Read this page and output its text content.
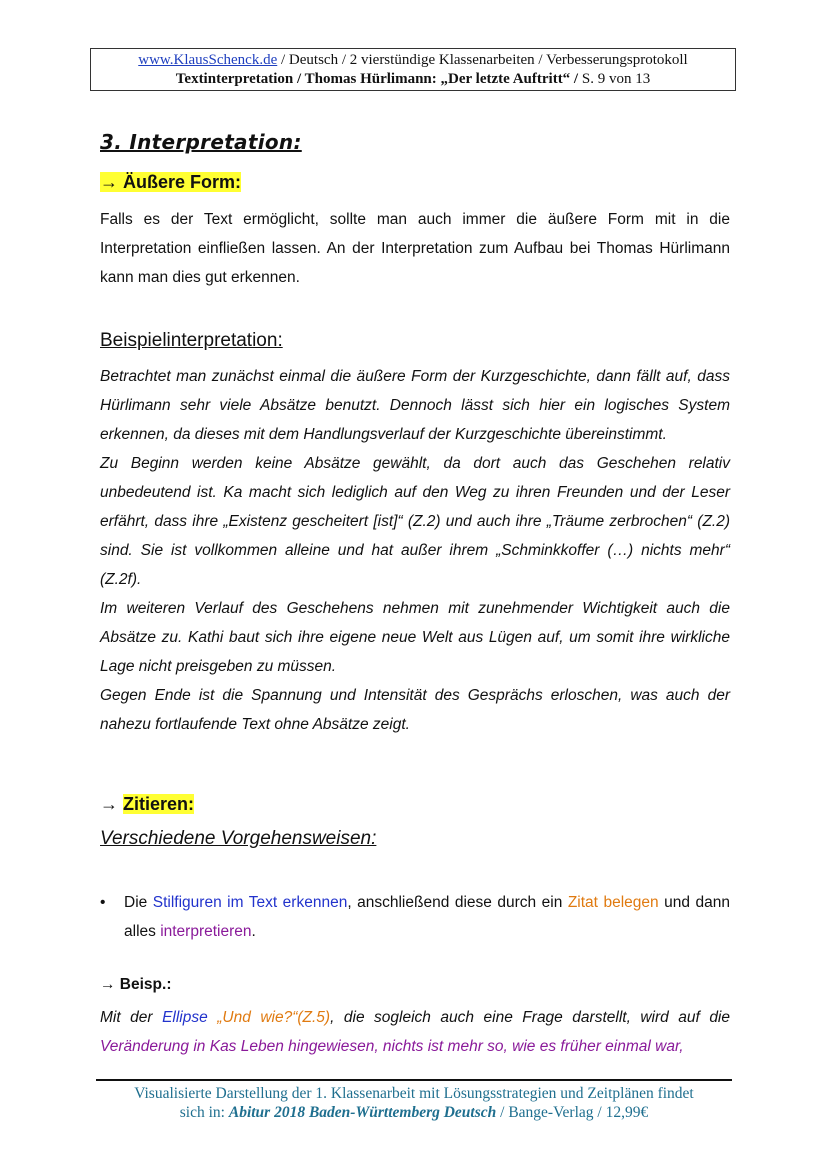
www.KlausSchenck.de / Deutsch / 2 vierstündige Klassenarbeiten / Verbesserungsprotokoll
Textinterpretation / Thomas Hürlimann: „Der letzte Auftritt“ / S. 9 von 13
3. Interpretation:
→ Äußere Form:

Falls es der Text ermöglicht, sollte man auch immer die äußere Form mit in die Interpretation einfließen lassen. An der Interpretation zum Aufbau bei Thomas Hürlimann kann man dies gut erkennen.

Beispielinterpretation:

Betrachtet man zunächst einmal die äußere Form der Kurzgeschichte, dann fällt auf, dass Hürlimann sehr viele Absätze benutzt. Dennoch lässt sich hier ein logisches System erkennen, da dieses mit dem Handlungsverlauf der Kurzgeschichte übereinstimmt.

Zu Beginn werden keine Absätze gewählt, da dort auch das Geschehen relativ unbedeutend ist. Ka macht sich lediglich auf den Weg zu ihren Freunden und der Leser erfährt, dass ihre „Existenz gescheitert [ist]“ (Z.2) und auch ihre „Träume zerbrochen“ (Z.2) sind. Sie ist vollkommen alleine und hat außer ihrem „Schminkkoffer (…) nichts mehr“ (Z.2f).

Im weiteren Verlauf des Geschehens nehmen mit zunehmender Wichtigkeit auch die Absätze zu. Kathi baut sich ihre eigene neue Welt aus Lügen auf, um somit ihre wirkliche Lage nicht preisgeben zu müssen.

Gegen Ende ist die Spannung und Intensität des Gesprächs erloschen, was auch der nahezu fortlaufende Text ohne Absätze zeigt.

→ Zitieren:
Verschiedene Vorgehensweisen:
• Die Stilfiguren im Text erkennen, anschließend diese durch ein Zitat belegen und dann alles interpretieren.
→ Beisp.:

Mit der Ellipse „Und wie?“(Z.5), die sogleich auch eine Frage darstellt, wird auf die Veränderung in Kas Leben hingewiesen, nichts ist mehr so, wie es früher einmal war,

Visualisierte Darstellung der 1. Klassenarbeit mit Lösungsstrategien und Zeitplänen findet
sich in: Abitur 2018 Baden-Württemberg Deutsch / Bange-Verlag / 12,99€
